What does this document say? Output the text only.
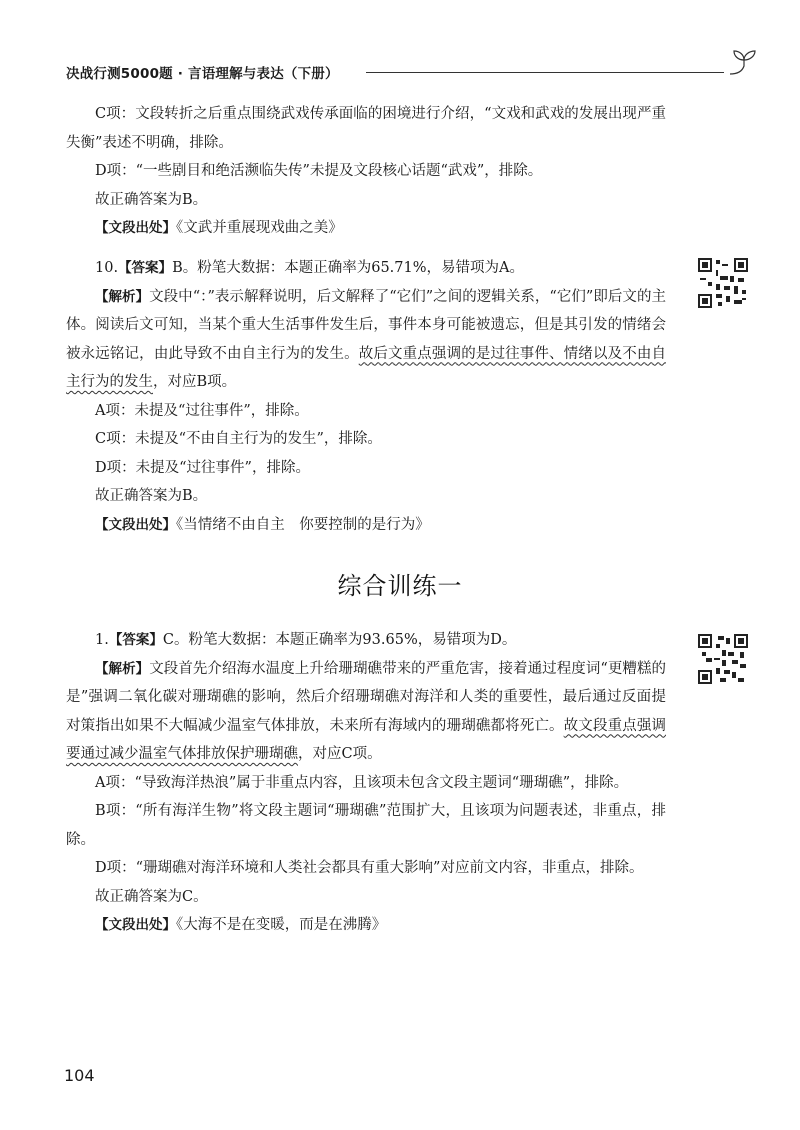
决战行测5000题 · 言语理解与表达（下册）

C项：文段转折之后重点围绕武戏传承面临的困境进行介绍，“文戏和武戏的发展出现严重失衡”表述不明确，排除。

D项：“一些剧目和绝活濒临失传”未提及文段核心话题“武戏”，排除。

故正确答案为B。

【文段出处】《文武并重展现戏曲之美》

10.【答案】B。粉笔大数据：本题正确率为65.71%，易错项为A。

【解析】文段中“：”表示解释说明，后文解释了“它们”之间的逻辑关系，“它们”即后文的主体。阅读后文可知，当某个重大生活事件发生后，事件本身可能被遗忘，但是其引发的情绪会被永远铭记，由此导致不由自主行为的发生。故后文重点强调的是过往事件、情绪以及不由自主行为的发生，对应B项。

A项：未提及“过往事件”，排除。

C项：未提及“不由自主行为的发生”，排除。

D项：未提及“过往事件”，排除。

故正确答案为B。

【文段出处】《当情绪不由自主　你要控制的是行为》

综合训练一

1.【答案】C。粉笔大数据：本题正确率为93.65%，易错项为D。

【解析】文段首先介绍海水温度上升给珊瑚礁带来的严重危害，接着通过程度词“更糟糕的是”强调二氧化碳对珊瑚礁的影响，然后介绍珊瑚礁对海洋和人类的重要性，最后通过反面提对策指出如果不大幅减少温室气体排放，未来所有海域内的珊瑚礁都将死亡。故文段重点强调要通过减少温室气体排放保护珊瑚礁，对应C项。

A项：“导致海洋热浪”属于非重点内容，且该项未包含文段主题词“珊瑚礁”，排除。

B项：“所有海洋生物”将文段主题词“珊瑚礁”范围扩大，且该项为问题表述，非重点，排除。

D项：“珊瑚礁对海洋环境和人类社会都具有重大影响”对应前文内容，非重点，排除。

故正确答案为C。

【文段出处】《大海不是在变暖，而是在沸腾》

104
